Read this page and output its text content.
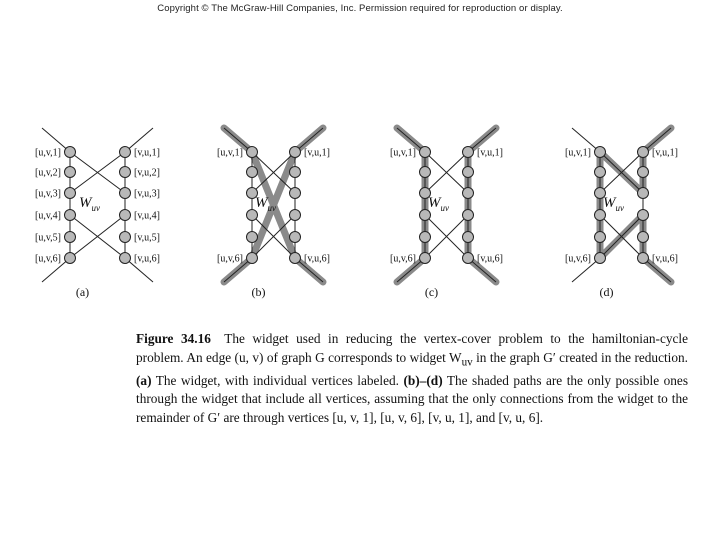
Copyright © The McGraw-Hill Companies, Inc. Permission required for reproduction or display.
[u,v,1]	[v,u,1]
[u,v,2]	[v,u,2]
[u,v,3]	[v,u,3]
[u,v,4]	[v,u,4]
[u,v,5]	[v,u,5]
[u,v,6]	[v,u,6]
$W_{uv}$
(a)
[u,v,1]	[v,u,1]
[u,v,6]	[v,u,6]
$W_{uv}$
(b)
[u,v,1]	[v,u,1]
[u,v,6]	[v,u,6]
$W_{uv}$
(c)
[u,v,1]	[v,u,1]
[u,v,6]	[v,u,6]
$W_{uv}$
(d)
Figure 34.16 The widget used in reducing the vertex-cover problem to the hamiltonian-cycle problem. An edge (u, v) of graph G corresponds to widget $W_{uv}$ in the graph G′ created in the reduction. (a) The widget, with individual vertices labeled. (b)–(d) The shaded paths are the only possible ones through the widget that include all vertices, assuming that the only connections from the widget to the remainder of G′ are through vertices [u, v, 1], [u, v, 6], [v, u, 1], and [v, u, 6].
